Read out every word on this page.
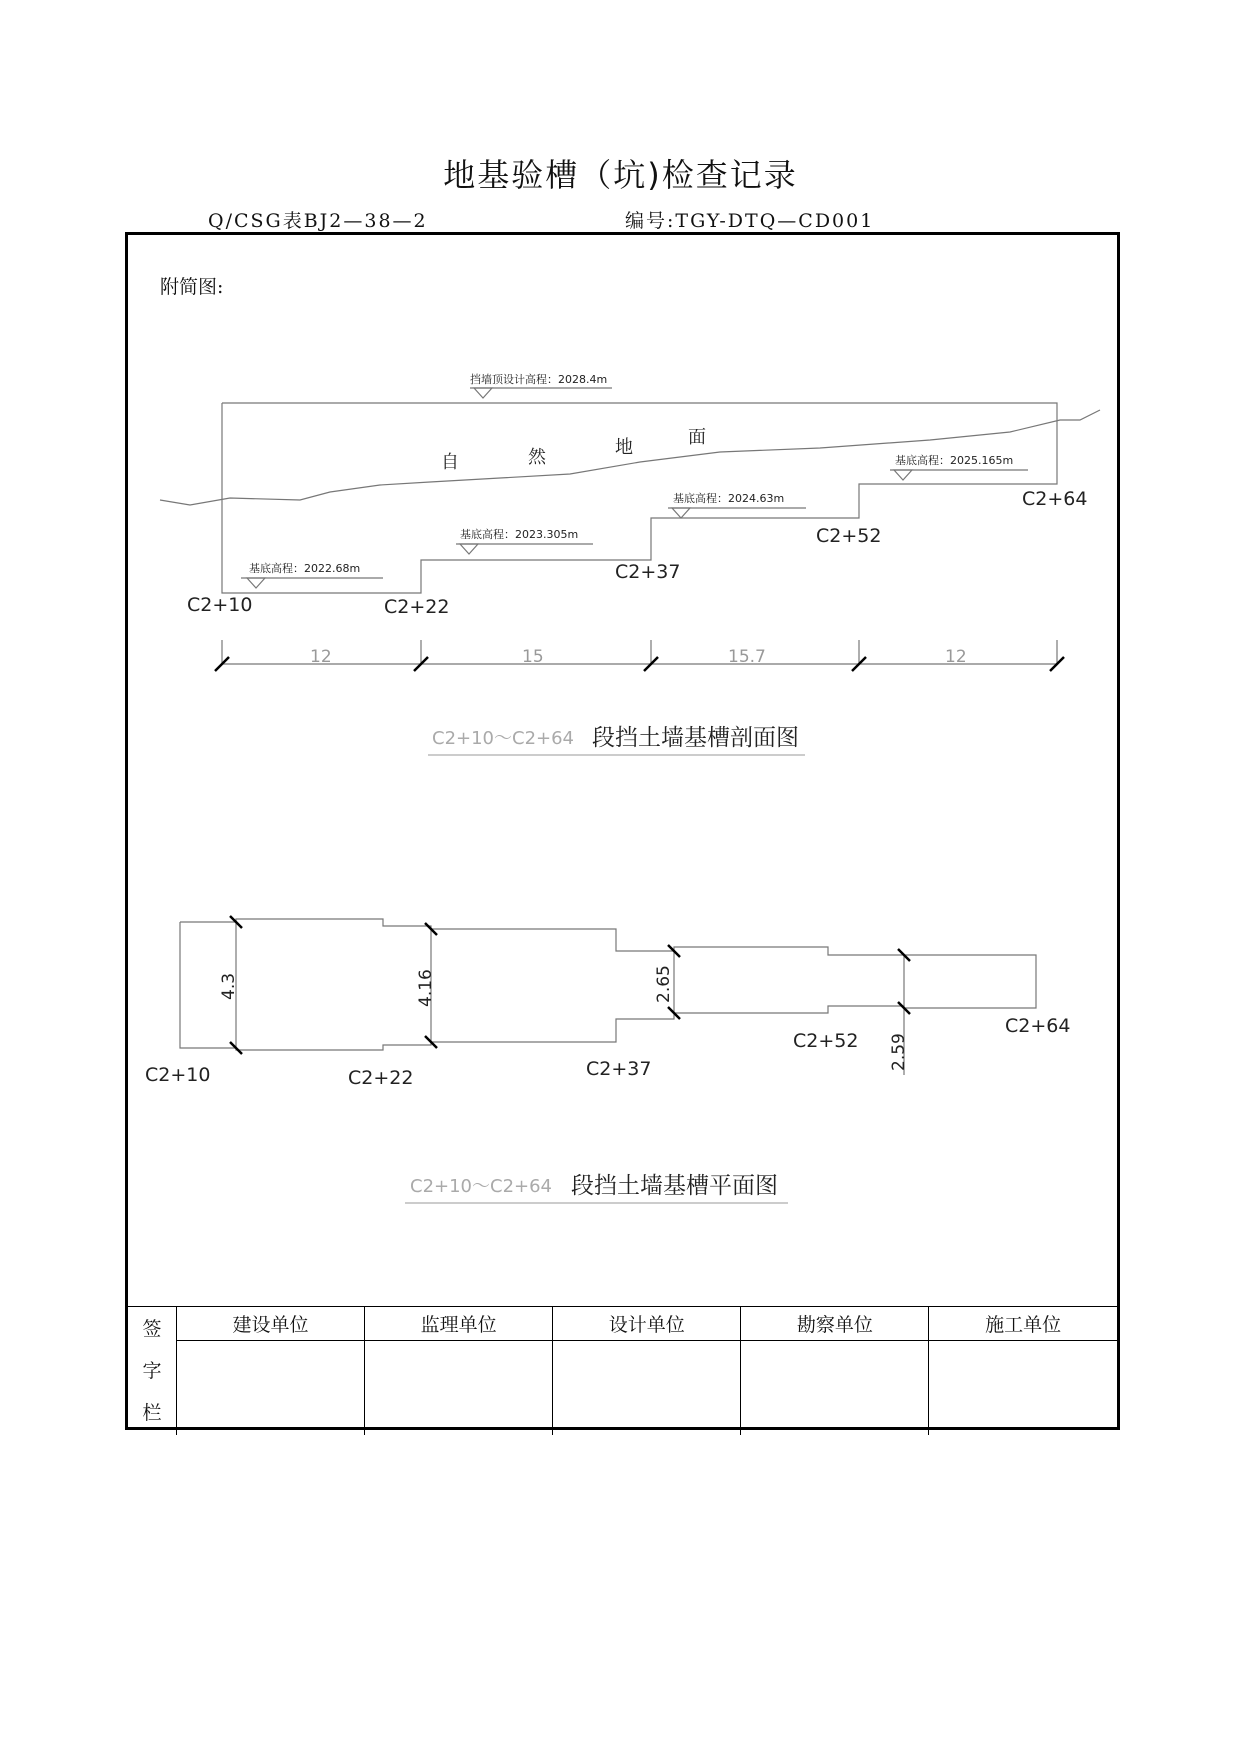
地基验槽（坑)检查记录
Q/CSG表BJ2—38—2	编号:TGY-DTQ—CD001
附简图:
自	然	地	面
挡墙顶设计高程：2028.4m
基底高程：2022.68m
基底高程：2023.305m
基底高程：2024.63m
基底高程：2025.165m
C2+10	C2+22
C2+37
C2+52
C2+64
12	15	15.7	12
C2+10～C2+64 段挡土墙基槽剖面图
4.3	4.16	2.65
2.59
C2+10	C2+22	C2+37
C2+52
C2+64
C2+10～C2+64 段挡土墙基槽平面图
签
字
栏	建设单位	监理单位	设计单位	勘察单位	施工单位
